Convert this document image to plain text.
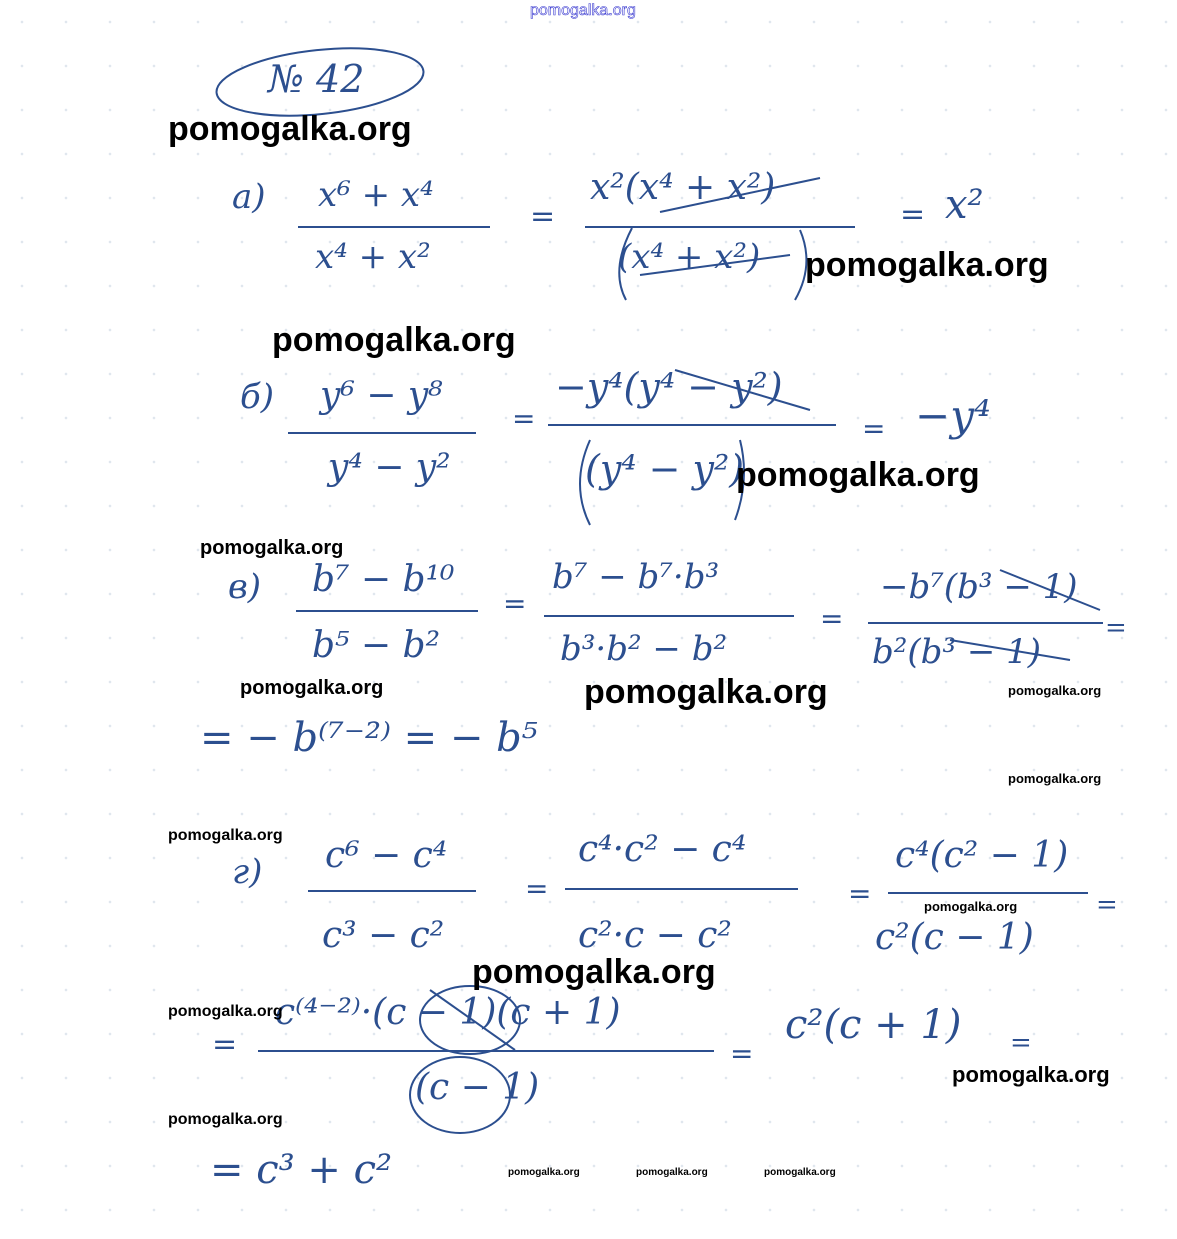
pomogalka.org
№ 42
a) x⁶ + x⁴
x⁴ + x²
=
x²(x⁴ + x²)
(x⁴ + x²)
= x²
б) y⁶ − y⁸
y⁴ − y²
=
−y⁴(y⁴ − y²)
(y⁴ − y²)
= −y⁴
в) b⁷ − b¹⁰
b⁵ − b²
=
b⁷ − b⁷·b³
b³·b² − b²
=
−b⁷(b³ − 1)
b²(b³ − 1)
=
= − b⁽⁷⁻²⁾ = − b⁵
г) c⁶ − c⁴
c³ − c²
=
c⁴·c² − c⁴
c²·c − c²
=
c⁴(c² − 1)
c²(c − 1)
=
=
c⁽⁴⁻²⁾·(c − 1)(c + 1)
(c − 1)
=
c²(c + 1) =
= c³ + c²
pomogalka.org
pomogalka.org
pomogalka.org
pomogalka.org
pomogalka.org
pomogalka.org	pomogalka.org	pomogalka.org
pomogalka.org
pomogalka.org
pomogalka.org
pomogalka.org
pomogalka.org
pomogalka.org
pomogalka.org
pomogalka.org	pomogalka.org	pomogalka.org
